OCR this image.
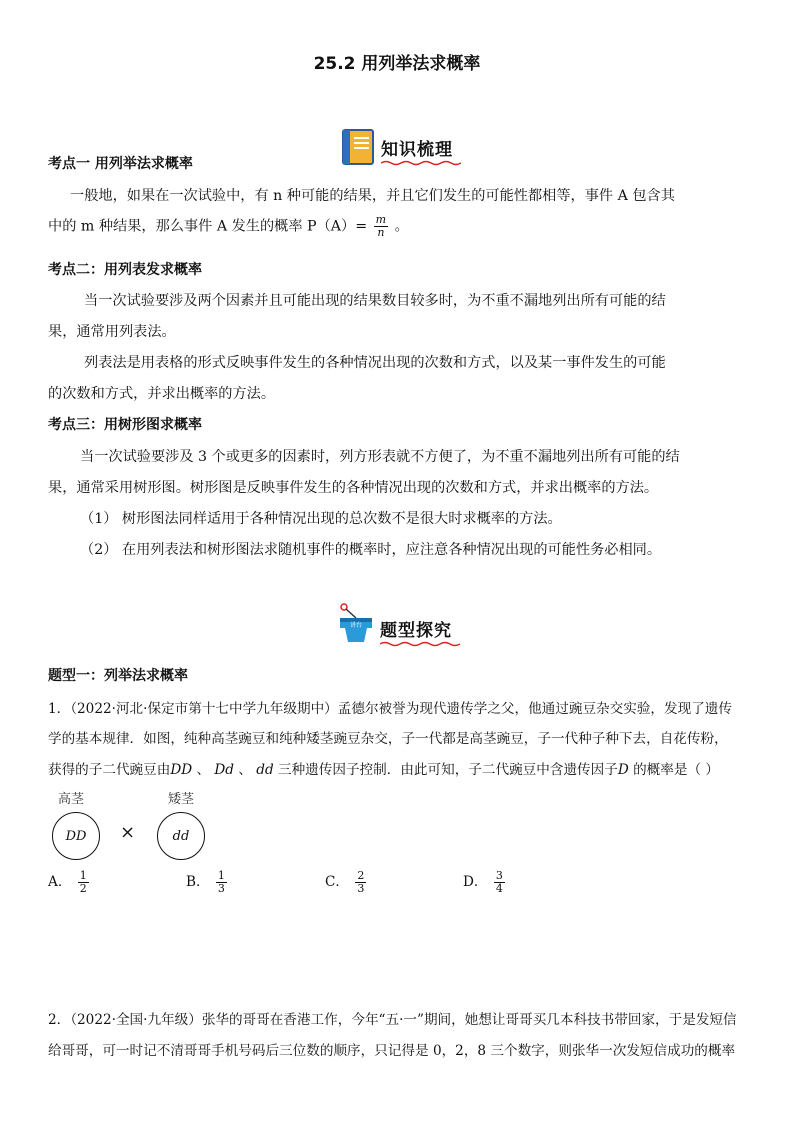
25.2 用列举法求概率
知识梳理
考点一 用列举法求概率
一般地，如果在一次试验中，有 n 种可能的结果，并且它们发生的可能性都相等，事件 A 包含其
中的 m 种结果，那么事件 A 发生的概率 $P(A)= \frac{m}{n}$ 。
考点二：用列表发求概率
当一次试验要涉及两个因素并且可能出现的结果数目较多时，为不重不漏地列出所有可能的结
果，通常用列表法。
列表法是用表格的形式反映事件发生的各种情况出现的次数和方式，以及某一事件发生的可能
的次数和方式，并求出概率的方法。
考点三：用树形图求概率
当一次试验要涉及 3 个或更多的因素时，列方形表就不方便了，为不重不漏地列出所有可能的结
果，通常采用树形图。树形图是反映事件发生的各种情况出现的次数和方式，并求出概率的方法。
（1） 树形图法同样适用于各种情况出现的总次数不是很大时求概率的方法。
（2） 在用列表法和树形图法求随机事件的概率时，应注意各种情况出现的可能性务必相同。
讲台 题型探究
题型一：列举法求概率
1．（2022·河北·保定市第十七中学九年级期中）孟德尔被誉为现代遗传学之父，他通过豌豆杂交实验，发现了遗传
学的基本规律．如图，纯种高茎豌豆和纯种矮茎豌豆杂交，子一代都是高茎豌豆，子一代种子种下去，自花传粉，
获得的子二代豌豆由DD 、 Dd 、 dd 三种遗传因子控制．由此可知，子二代豌豆中含遗传因子D 的概率是（ ）
高茎	矮茎
DD	×	dd
A． $\frac{1}{2}$	B． $\frac{1}{3}$	C． $\frac{2}{3}$	D． $\frac{3}{4}$
2．（2022·全国·九年级）张华的哥哥在香港工作，今年“五·一”期间，她想让哥哥买几本科技书带回家，于是发短信
给哥哥，可一时记不清哥哥手机号码后三位数的顺序，只记得是 0，2，8 三个数字，则张华一次发短信成功的概率
